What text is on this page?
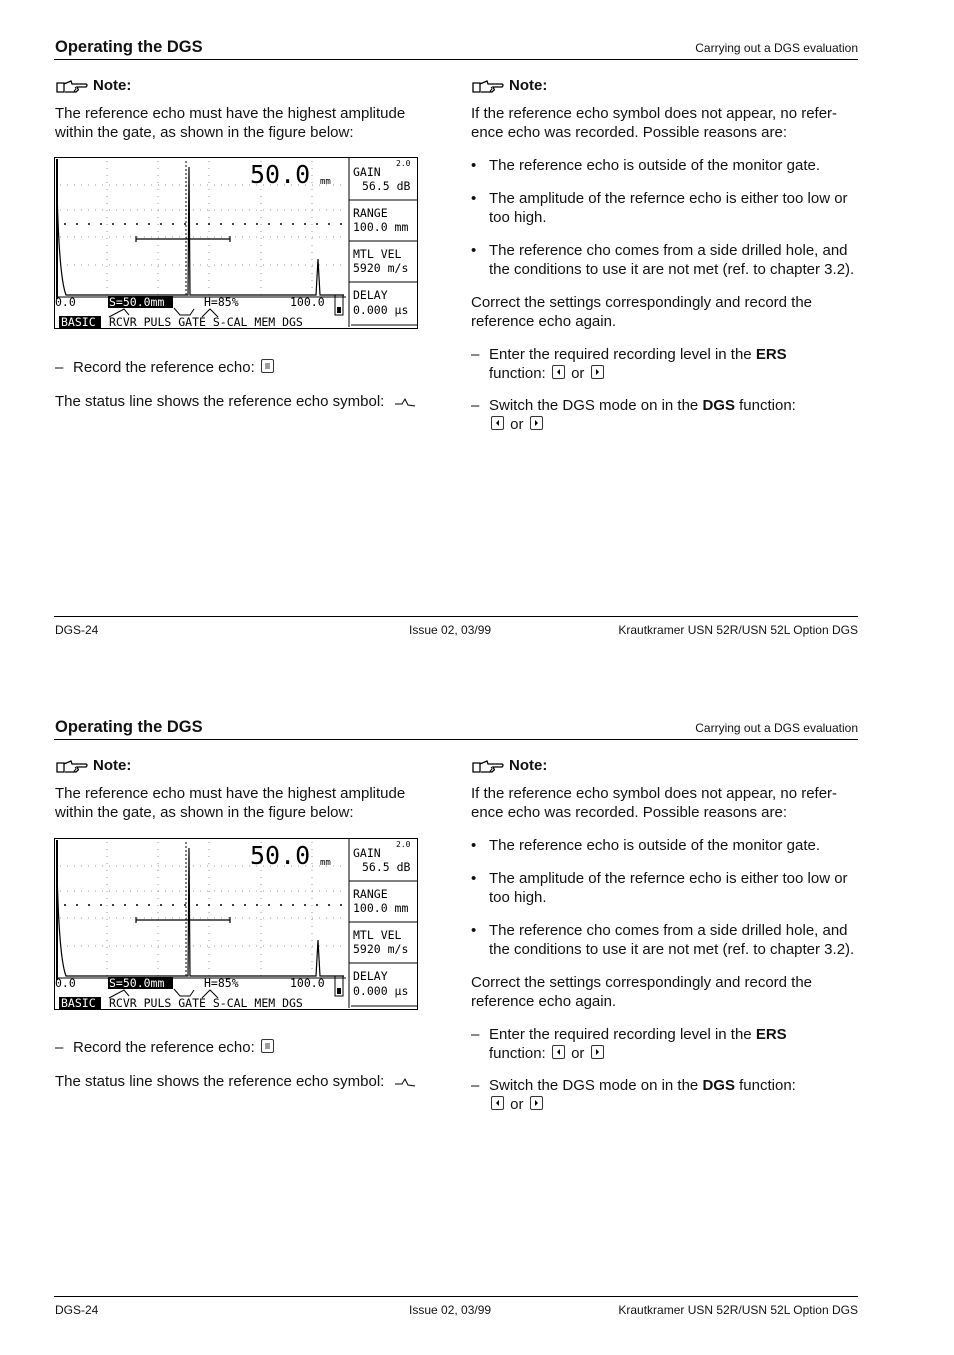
Operating the DGS	Carrying out a DGS evaluation
Note:

The reference echo must have the highest amplitude within the gate, as shown in the figure below:

50.0 mm
GAIN
2.0
56.5 dB
RANGE
100.0 mm
MTL VEL
5920 m/s
DELAY
0.000 µs
0.0	S=50.0mm	H=85%	100.0
BASIC RCVR PULS GATE S-CAL MEM DGS

– Record the reference echo:

The status line shows the reference echo symbol:

Note:

If the reference echo symbol does not appear, no refer- ence echo was recorded. Possible reasons are:

• The reference echo is outside of the monitor gate.

• The amplitude of the refernce echo is either too low or too high.

• The reference cho comes from a side drilled hole, and the conditions to use it are not met (ref. to chapter 3.2).

Correct the settings correspondingly and record the reference echo again.

– Enter the required recording level in the ERS
function: or

– Switch the DGS mode on in the DGS function:

or

DGS-24	Issue 02, 03/99	Krautkramer USN 52R/USN 52L Option DGS
Operating the DGS	Carrying out a DGS evaluation
Note:

The reference echo must have the highest amplitude within the gate, as shown in the figure below:

50.0 mm
GAIN
2.0
56.5 dB
RANGE
100.0 mm
MTL VEL
5920 m/s
DELAY
0.000 µs
0.0	S=50.0mm	H=85%	100.0
BASIC RCVR PULS GATE S-CAL MEM DGS

– Record the reference echo:

The status line shows the reference echo symbol:

Note:

If the reference echo symbol does not appear, no refer- ence echo was recorded. Possible reasons are:

• The reference echo is outside of the monitor gate.

• The amplitude of the refernce echo is either too low or too high.

• The reference cho comes from a side drilled hole, and the conditions to use it are not met (ref. to chapter 3.2).

Correct the settings correspondingly and record the reference echo again.

– Enter the required recording level in the ERS
function: or

– Switch the DGS mode on in the DGS function:

or

DGS-24	Issue 02, 03/99	Krautkramer USN 52R/USN 52L Option DGS
